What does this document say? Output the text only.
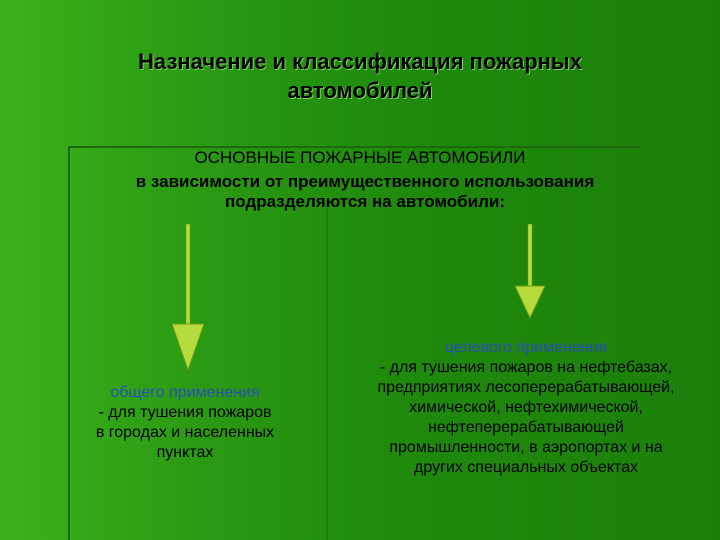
Назначение и классификация пожарных
автомобилей
ОСНОВНЫЕ ПОЖАРНЫЕ АВТОМОБИЛИ
в зависимости от преимущественного использования
подразделяются на автомобили:
общего применения
- для тушения пожаров
в городах и населенных
пунктах
целевого применения
- для тушения пожаров на нефтебазах,
предприятиях лесоперерабатывающей,
химической, нефтехимической,
нефтеперерабатывающей
промышленности, в аэропортах и на
других специальных объектах
